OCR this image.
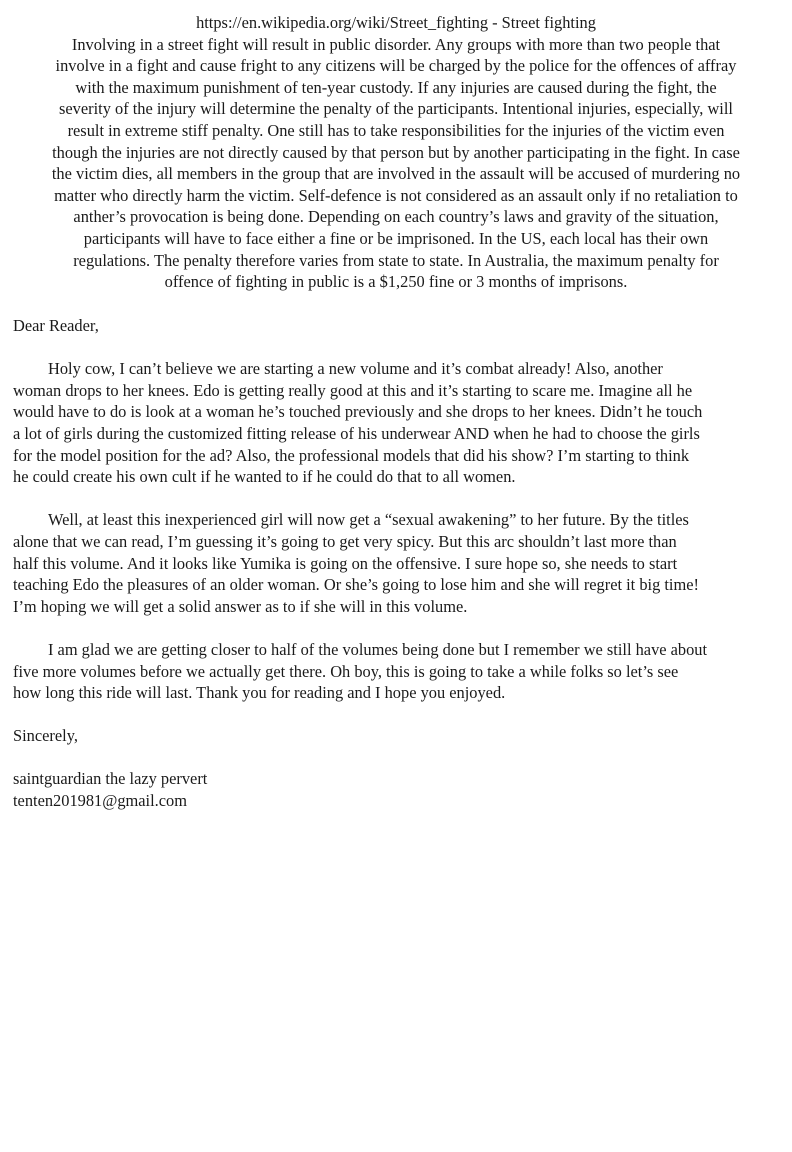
https://en.wikipedia.org/wiki/Street_fighting - Street fighting
Involving in a street fight will result in public disorder. Any groups with more than two people that
involve in a fight and cause fright to any citizens will be charged by the police for the offences of affray
with the maximum punishment of ten-year custody. If any injuries are caused during the fight, the
severity of the injury will determine the penalty of the participants. Intentional injuries, especially, will
result in extreme stiff penalty. One still has to take responsibilities for the injuries of the victim even
though the injuries are not directly caused by that person but by another participating in the fight. In case
the victim dies, all members in the group that are involved in the assault will be accused of murdering no
matter who directly harm the victim. Self-defence is not considered as an assault only if no retaliation to
anther’s provocation is being done. Depending on each country’s laws and gravity of the situation,
participants will have to face either a fine or be imprisoned. In the US, each local has their own
regulations. The penalty therefore varies from state to state. In Australia, the maximum penalty for
offence of fighting in public is a $1,250 fine or 3 months of imprisons.

Dear Reader,

Holy cow, I can’t believe we are starting a new volume and it’s combat already! Also, another
woman drops to her knees. Edo is getting really good at this and it’s starting to scare me. Imagine all he
would have to do is look at a woman he’s touched previously and she drops to her knees. Didn’t he touch
a lot of girls during the customized fitting release of his underwear AND when he had to choose the girls
for the model position for the ad? Also, the professional models that did his show? I’m starting to think
he could create his own cult if he wanted to if he could do that to all women.

Well, at least this inexperienced girl will now get a “sexual awakening” to her future. By the titles
alone that we can read, I’m guessing it’s going to get very spicy. But this arc shouldn’t last more than
half this volume. And it looks like Yumika is going on the offensive. I sure hope so, she needs to start
teaching Edo the pleasures of an older woman. Or she’s going to lose him and she will regret it big time!
I’m hoping we will get a solid answer as to if she will in this volume.

I am glad we are getting closer to half of the volumes being done but I remember we still have about
five more volumes before we actually get there. Oh boy, this is going to take a while folks so let’s see
how long this ride will last. Thank you for reading and I hope you enjoyed.

Sincerely,

saintguardian the lazy pervert

tenten201981@gmail.com
